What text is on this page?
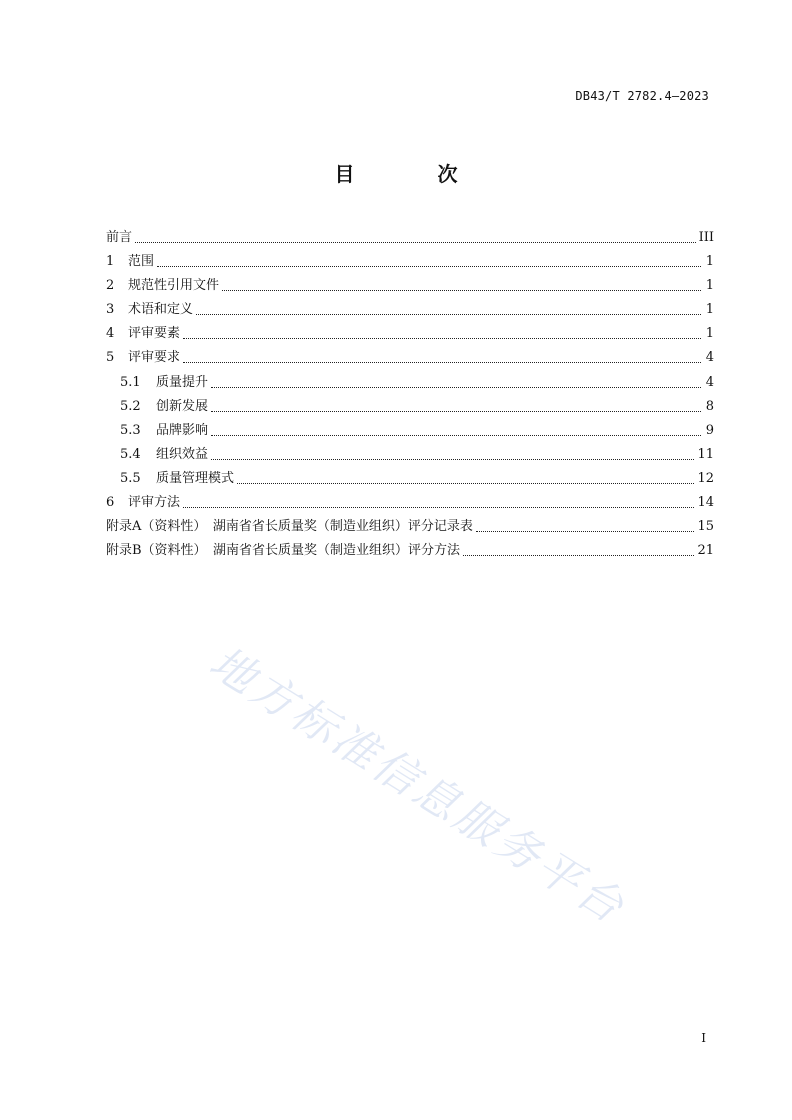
DB43/T 2782.4—2023
目 次
前言	III
1	范围	1
2	规范性引用文件	1
3	术语和定义	1
4	评审要素	1
5	评审要求	4
5.1	质量提升	4
5.2	创新发展	8
5.3	品牌影响	9
5.4	组织效益	11
5.5	质量管理模式	12
6	评审方法	14
附录A（资料性）　湖南省省长质量奖（制造业组织）评分记录表	15
附录B（资料性）　湖南省省长质量奖（制造业组织）评分方法	21
地方标准信息服务平台
I
